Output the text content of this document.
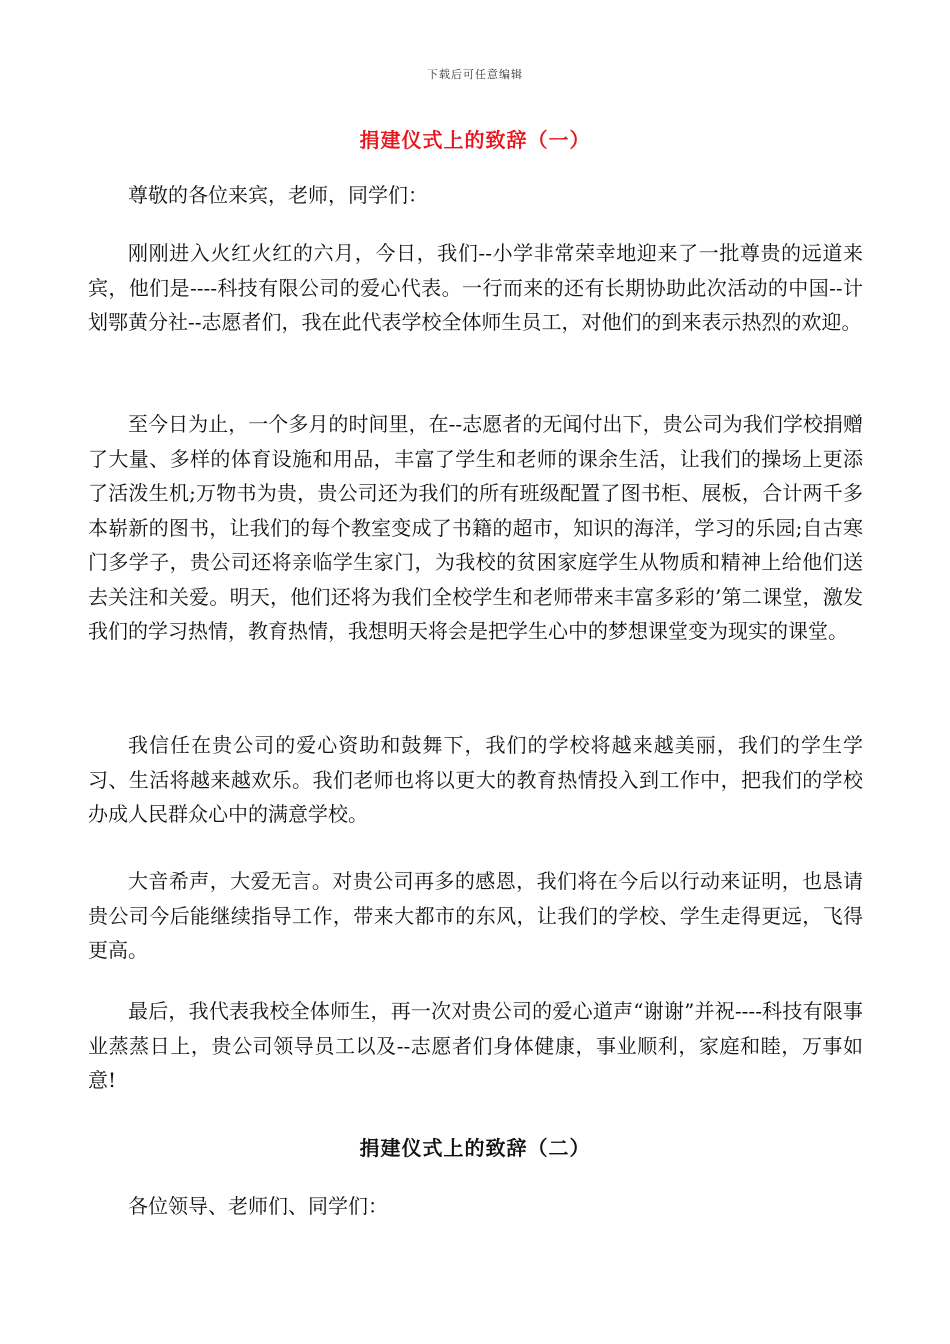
下载后可任意编辑
捐建仪式上的致辞（一）

尊敬的各位来宾，老师，同学们：

刚刚进入火红火红的六月，今日，我们--小学非常荣幸地迎来了一批尊贵的远道来宾，他们是----科技有限公司的爱心代表。一行而来的还有长期协助此次活动的中国--计划鄂黄分社--志愿者们，我在此代表学校全体师生员工，对他们的到来表示热烈的欢迎。

至今日为止，一个多月的时间里，在--志愿者的无闻付出下，贵公司为我们学校捐赠了大量、多样的体育设施和用品，丰富了学生和老师的课余生活，让我们的操场上更添了活泼生机;万物书为贵，贵公司还为我们的所有班级配置了图书柜、展板，合计两千多本崭新的图书，让我们的每个教室变成了书籍的超市，知识的海洋，学习的乐园;自古寒门多学子，贵公司还将亲临学生家门，为我校的贫困家庭学生从物质和精神上给他们送去关注和关爱。明天，他们还将为我们全校学生和老师带来丰富多彩的’第二课堂，激发我们的学习热情，教育热情，我想明天将会是把学生心中的梦想课堂变为现实的课堂。

我信任在贵公司的爱心资助和鼓舞下，我们的学校将越来越美丽，我们的学生学习、生活将越来越欢乐。我们老师也将以更大的教育热情投入到工作中，把我们的学校办成人民群众心中的满意学校。

大音希声，大爱无言。对贵公司再多的感恩，我们将在今后以行动来证明，也恳请贵公司今后能继续指导工作，带来大都市的东风，让我们的学校、学生走得更远，飞得更高。

最后，我代表我校全体师生，再一次对贵公司的爱心道声“谢谢”并祝----科技有限事业蒸蒸日上，贵公司领导员工以及--志愿者们身体健康，事业顺利，家庭和睦，万事如意!

捐建仪式上的致辞（二）

各位领导、老师们、同学们：
